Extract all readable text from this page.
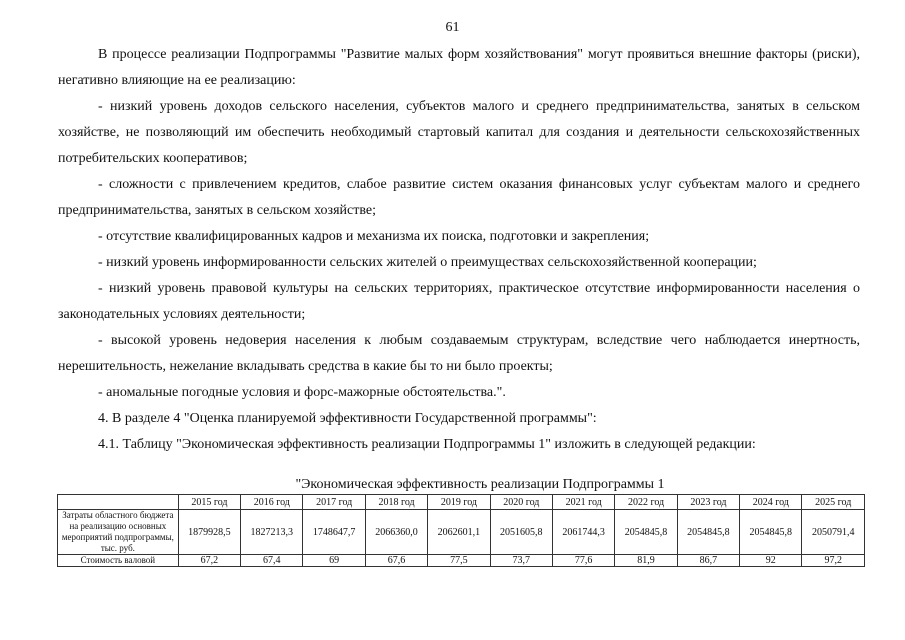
61

В процессе реализации Подпрограммы "Развитие малых форм хозяйствования" могут проявиться внешние факторы (риски), негативно влияющие на ее реализацию:

- низкий уровень доходов сельского населения, субъектов малого и среднего предпринимательства, занятых в сельском хозяйстве, не позволяющий им обеспечить необходимый стартовый капитал для создания и деятельности сельскохозяйственных потребительских кооперативов;

- сложности с привлечением кредитов, слабое развитие систем оказания финансовых услуг субъектам малого и среднего предпринимательства, занятых в сельском хозяйстве;

- отсутствие квалифицированных кадров и механизма их поиска, подготовки и закрепления;

- низкий уровень информированности сельских жителей о преимуществах сельскохозяйственной кооперации;

- низкий уровень правовой культуры на сельских территориях, практическое отсутствие информированности населения о законодательных условиях деятельности;

- высокой уровень недоверия населения к любым создаваемым структурам, вследствие чего наблюдается инертность, нерешительность, нежелание вкладывать средства в какие бы то ни было проекты;

- аномальные погодные условия и форс-мажорные обстоятельства.".

4. В разделе 4 "Оценка планируемой эффективности Государственной программы":

4.1. Таблицу "Экономическая эффективность реализации Подпрограммы 1" изложить в следующей редакции:

"Экономическая эффективность реализации Подпрограммы 1
	2015 год	2016 год	2017 год	2018 год	2019 год	2020 год	2021 год	2022 год	2023 год	2024 год	2025 год
Затраты областного бюджета на реализацию основных мероприятий подпрограммы, тыс. руб.	1879928,5	1827213,3	1748647,7	2066360,0	2062601,1	2051605,8	2061744,3	2054845,8	2054845,8	2054845,8	2050791,4
Стоимость валовой	67,2	67,4	69	67,6	77,5	73,7	77,6	81,9	86,7	92	97,2
